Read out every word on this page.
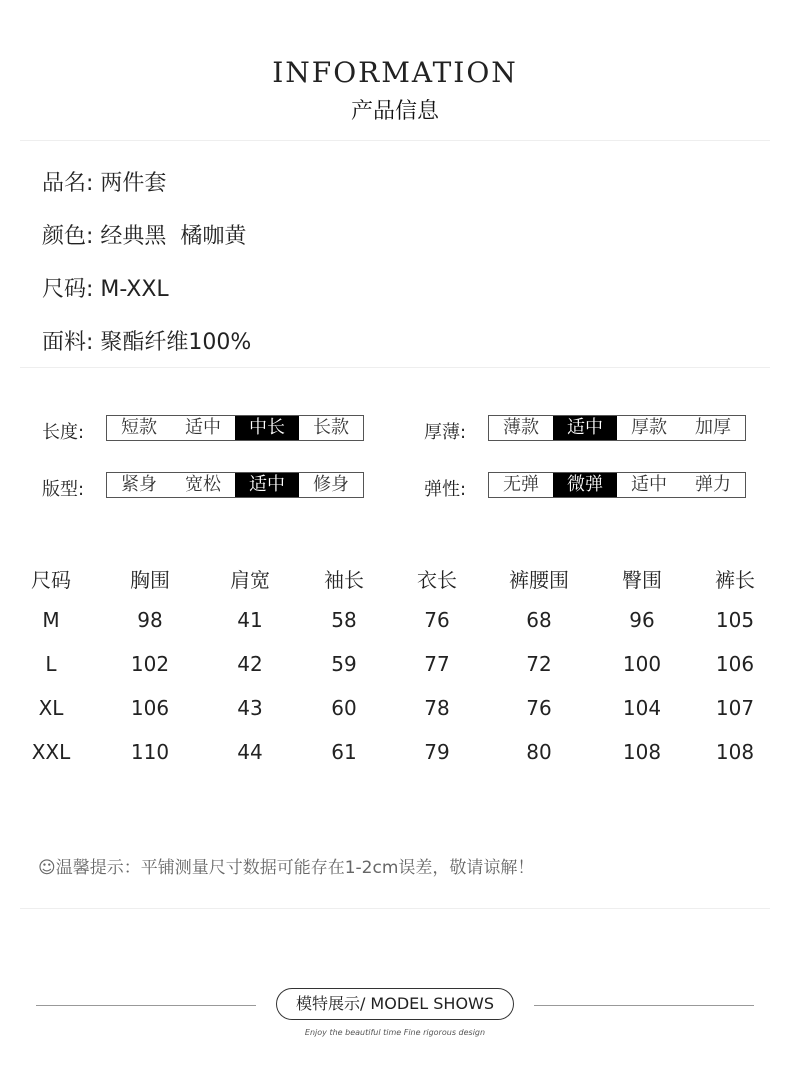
INFORMATION
产品信息
品名: 两件套
颜色: 经典黑  橘咖黄
尺码: M-XXL
面料: 聚酯纤维100%
长度:	短款	适中	中长	长款	厚薄:	薄款	适中	厚款	加厚
版型:	紧身	宽松	适中	修身	弹性:	无弹	微弹	适中	弹力
尺码	胸围	肩宽	袖长	衣长	裤腰围	臀围	裤长
M	98	41	58	76	68	96	105
L	102	42	59	77	72	100	106
XL	106	43	60	78	76	104	107
XXL	110	44	61	79	80	108	108
☺温馨提示：平铺测量尺寸数据可能存在1-2cm误差，敬请谅解！
模特展示/ MODEL SHOWS
Enjoy the beautiful time Fine rigorous design
